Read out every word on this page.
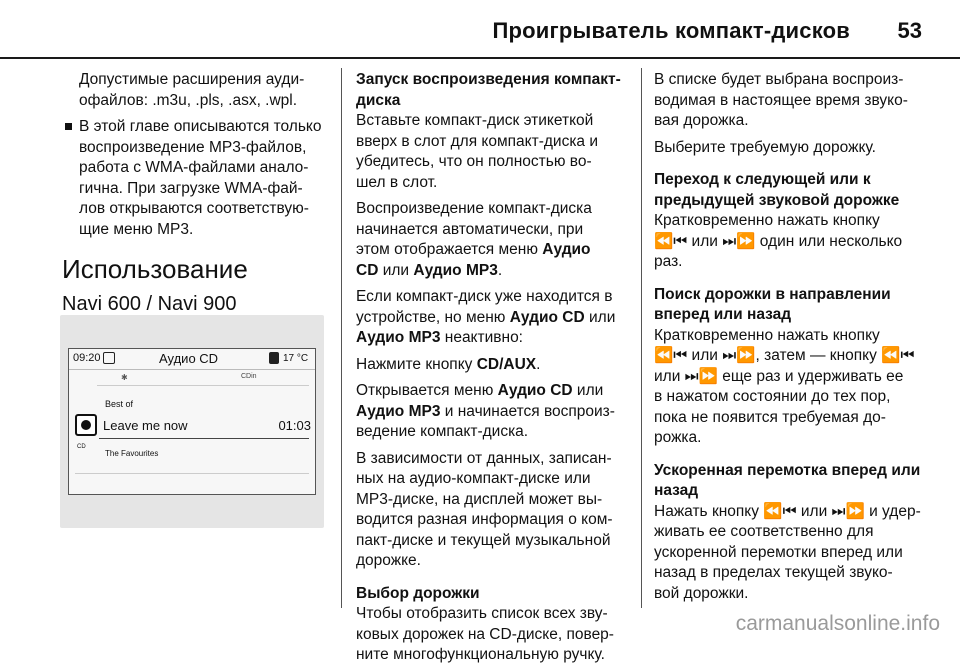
Проигрыватель компакт-дисков 53

Допустимые расширения ауди-
офайлов: .m3u, .pls, .asx, .wpl.

В этой главе описываются только
воспроизведение MP3-файлов,
работа с WMA-файлами анало-
гична. При загрузке WMA-фай-
лов открываются соответствую-
щие меню MP3.

Использование

Navi 600 / Navi 900

09:20	Аудио CD	17 °C
✱	CDin
Best of
CD
Leave me now	01:03
The Favourites

Запуск воспроизведения компакт-
диска

Вставьте компакт-диск этикеткой
вверх в слот для компакт-диска и
убедитесь, что он полностью во-
шел в слот.

Воспроизведение компакт-диска
начинается автоматически, при
этом отображается меню Аудио
CD или Аудио MP3.

Если компакт-диск уже находится в
устройстве, но меню Аудио CD или
Аудио MP3 неактивно:

Нажмите кнопку CD/AUX.

Открывается меню Аудио CD или
Аудио MP3 и начинается воспроиз-
ведение компакт-диска.

В зависимости от данных, записан-
ных на аудио-компакт-диске или
MP3-диске, на дисплей может вы-
водится разная информация о ком-
пакт-диске и текущей музыкальной
дорожке.

Выбор дорожки

Чтобы отобразить список всех зву-
ковых дорожек на CD-диске, повер-
ните многофункциональную ручку.

В списке будет выбрана воспроиз-
водимая в настоящее время звуко-
вая дорожка.

Выберите требуемую дорожку.

Переход к следующей или к
предыдущей звуковой дорожке

Кратковременно нажать кнопку
⏪⏮ или ⏭⏩ один или несколько
раз.

Поиск дорожки в направлении
вперед или назад

Кратковременно нажать кнопку
⏪⏮ или ⏭⏩, затем — кнопку ⏪⏮
или ⏭⏩ еще раз и удерживать ее
в нажатом состоянии до тех пор,
пока не появится требуемая до-
рожка.

Ускоренная перемотка вперед или
назад

Нажать кнопку ⏪⏮ или ⏭⏩ и удер-
живать ее соответственно для
ускоренной перемотки вперед или
назад в пределах текущей звуко-
вой дорожки.

carmanualsonline.info
